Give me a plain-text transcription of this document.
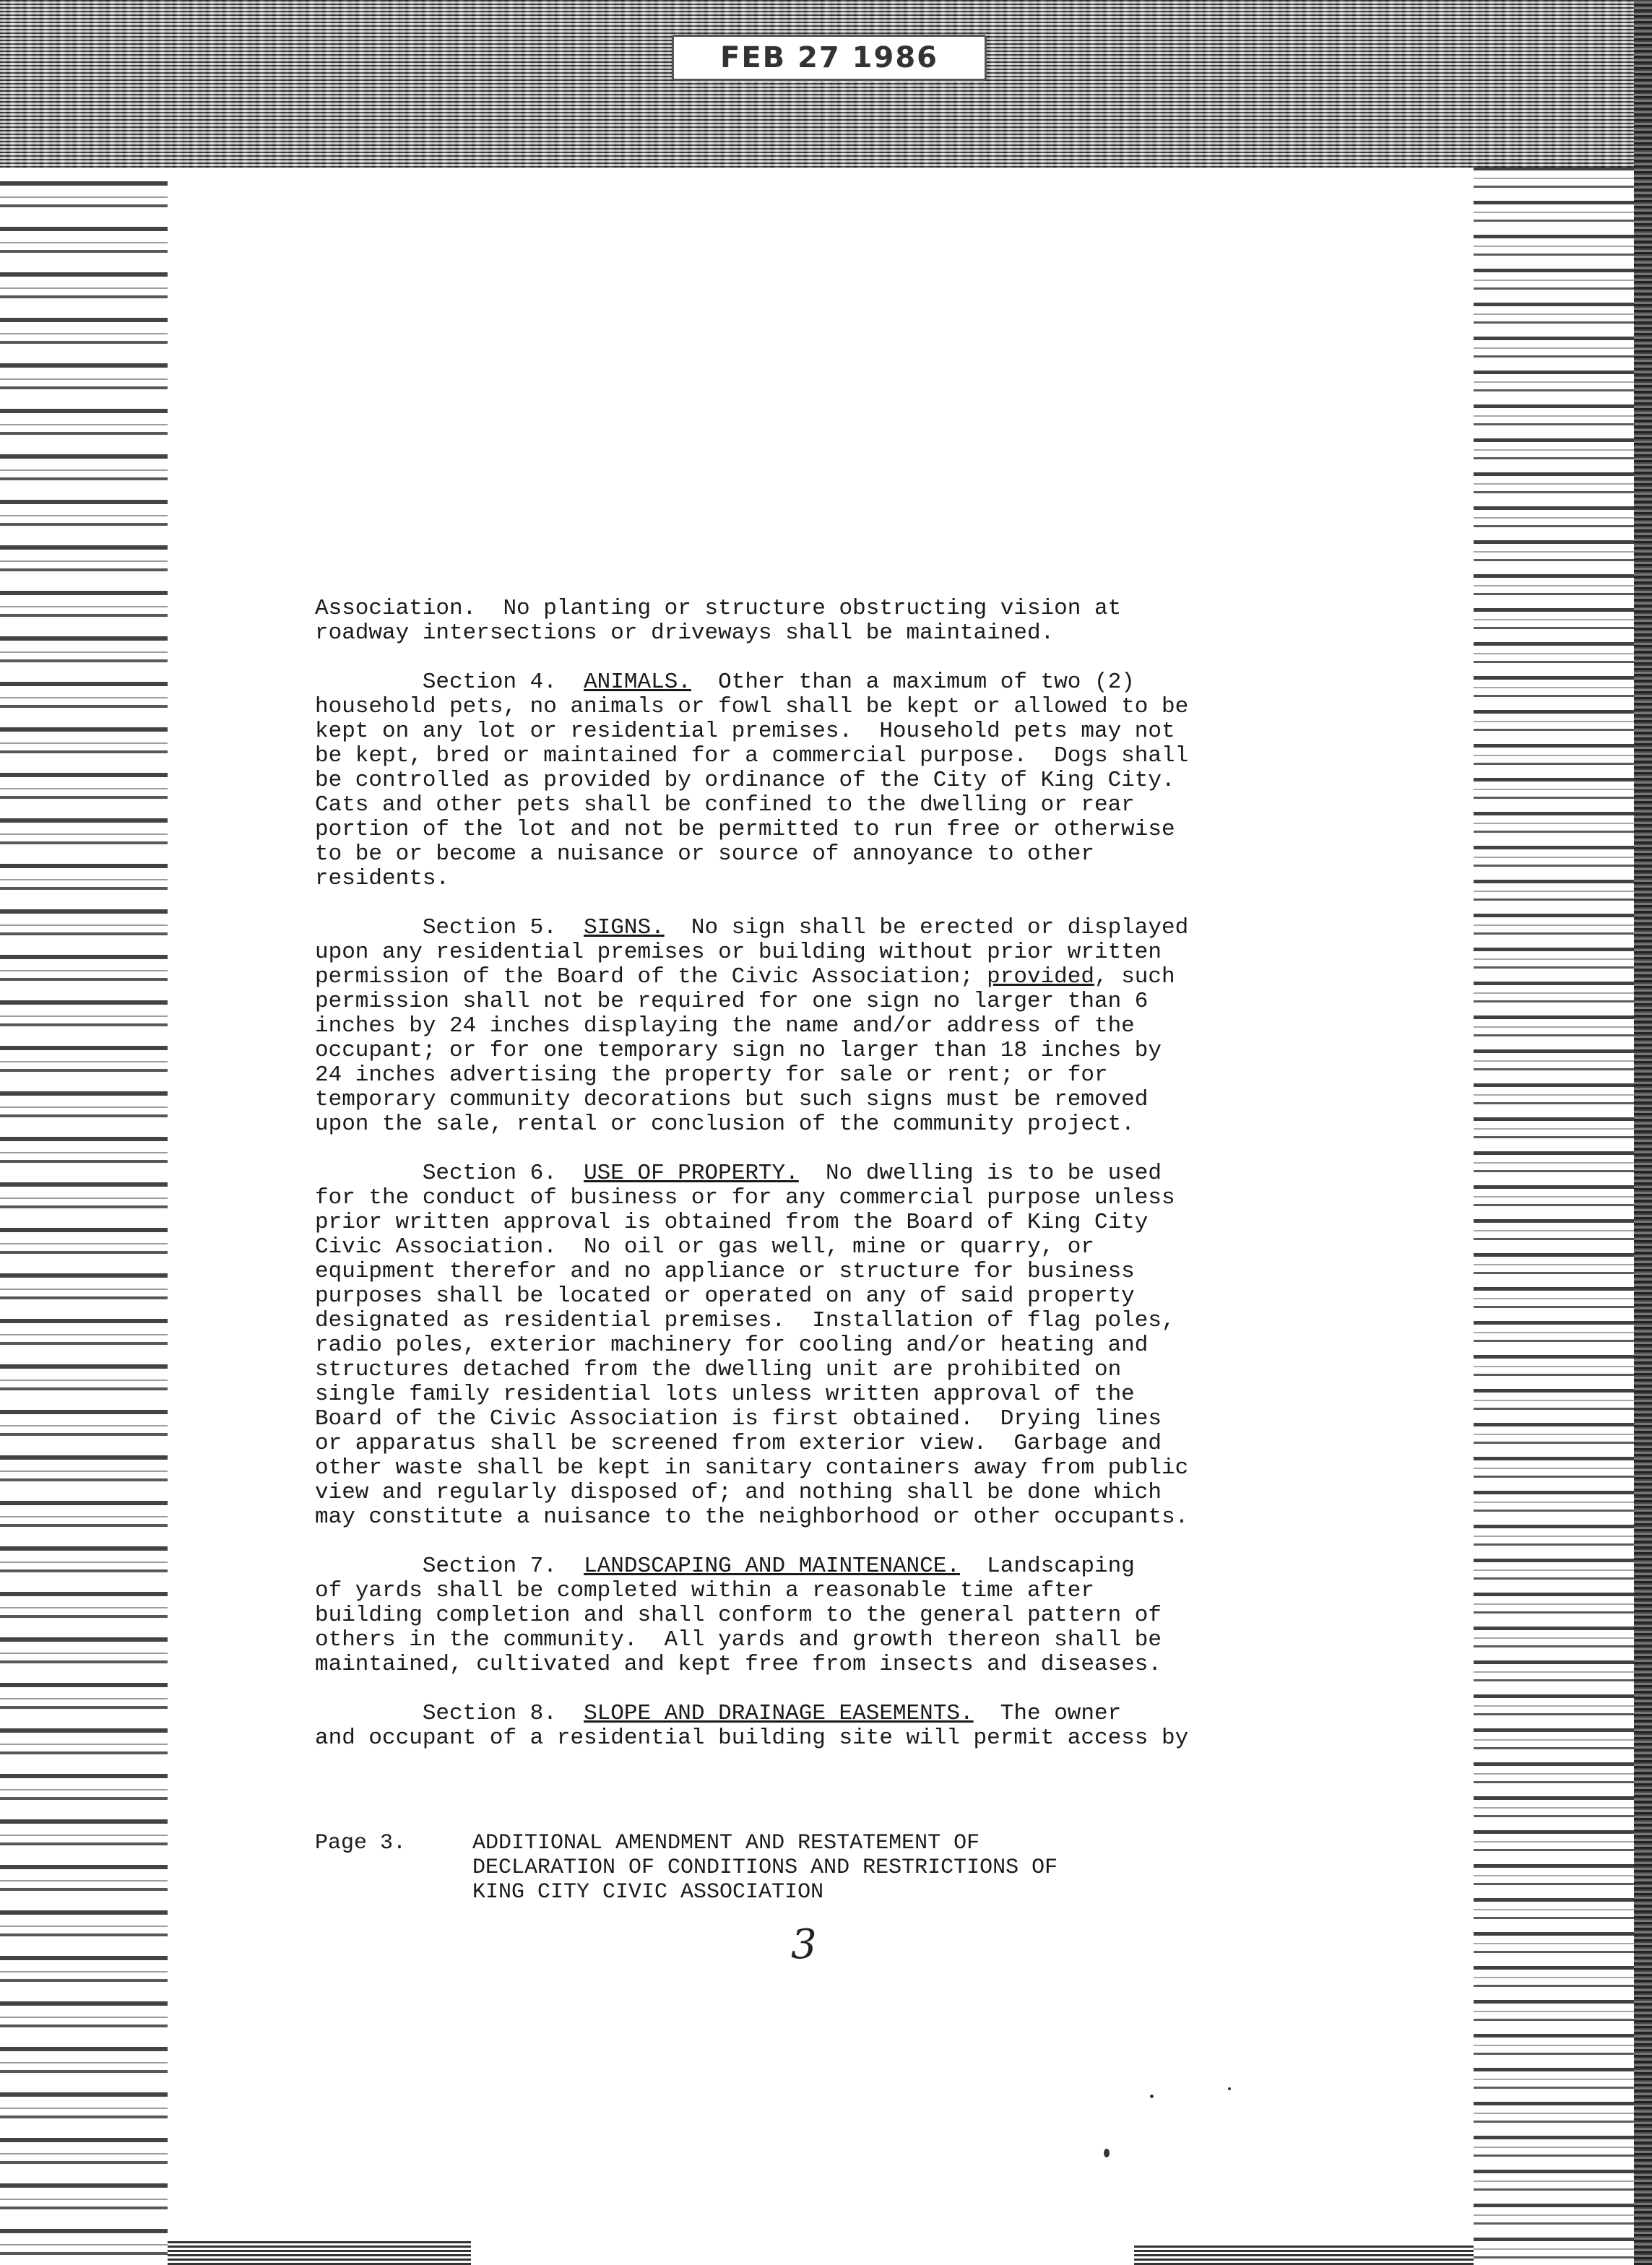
FEB 27 1986

Association.  No planting or structure obstructing vision at
roadway intersections or driveways shall be maintained.

Section 4. ANIMALS.  Other than a maximum of two (2)
household pets, no animals or fowl shall be kept or allowed to be
kept on any lot or residential premises.  Household pets may not
be kept, bred or maintained for a commercial purpose.  Dogs shall
be controlled as provided by ordinance of the City of King City.
Cats and other pets shall be confined to the dwelling or rear
portion of the lot and not be permitted to run free or otherwise
to be or become a nuisance or source of annoyance to other
residents.

Section 5. SIGNS.  No sign shall be erected or displayed
upon any residential premises or building without prior written
permission of the Board of the Civic Association; provided, such
permission shall not be required for one sign no larger than 6
inches by 24 inches displaying the name and/or address of the
occupant; or for one temporary sign no larger than 18 inches by
24 inches advertising the property for sale or rent; or for
temporary community decorations but such signs must be removed
upon the sale, rental or conclusion of the community project.

Section 6. USE OF PROPERTY.  No dwelling is to be used
for the conduct of business or for any commercial purpose unless
prior written approval is obtained from the Board of King City
Civic Association.  No oil or gas well, mine or quarry, or
equipment therefor and no appliance or structure for business
purposes shall be located or operated on any of said property
designated as residential premises.  Installation of flag poles,
radio poles, exterior machinery for cooling and/or heating and
structures detached from the dwelling unit are prohibited on
single family residential lots unless written approval of the
Board of the Civic Association is first obtained.  Drying lines
or apparatus shall be screened from exterior view.  Garbage and
other waste shall be kept in sanitary containers away from public
view and regularly disposed of; and nothing shall be done which
may constitute a nuisance to the neighborhood or other occupants.

Section 7. LANDSCAPING AND MAINTENANCE.  Landscaping
of yards shall be completed within a reasonable time after
building completion and shall conform to the general pattern of
others in the community.  All yards and growth thereon shall be
maintained, cultivated and kept free from insects and diseases.

Section 8. SLOPE AND DRAINAGE EASEMENTS.  The owner
and occupant of a residential building site will permit access by

Page 3.	ADDITIONAL AMENDMENT AND RESTATEMENT OF
DECLARATION OF CONDITIONS AND RESTRICTIONS OF
KING CITY CIVIC ASSOCIATION
3
